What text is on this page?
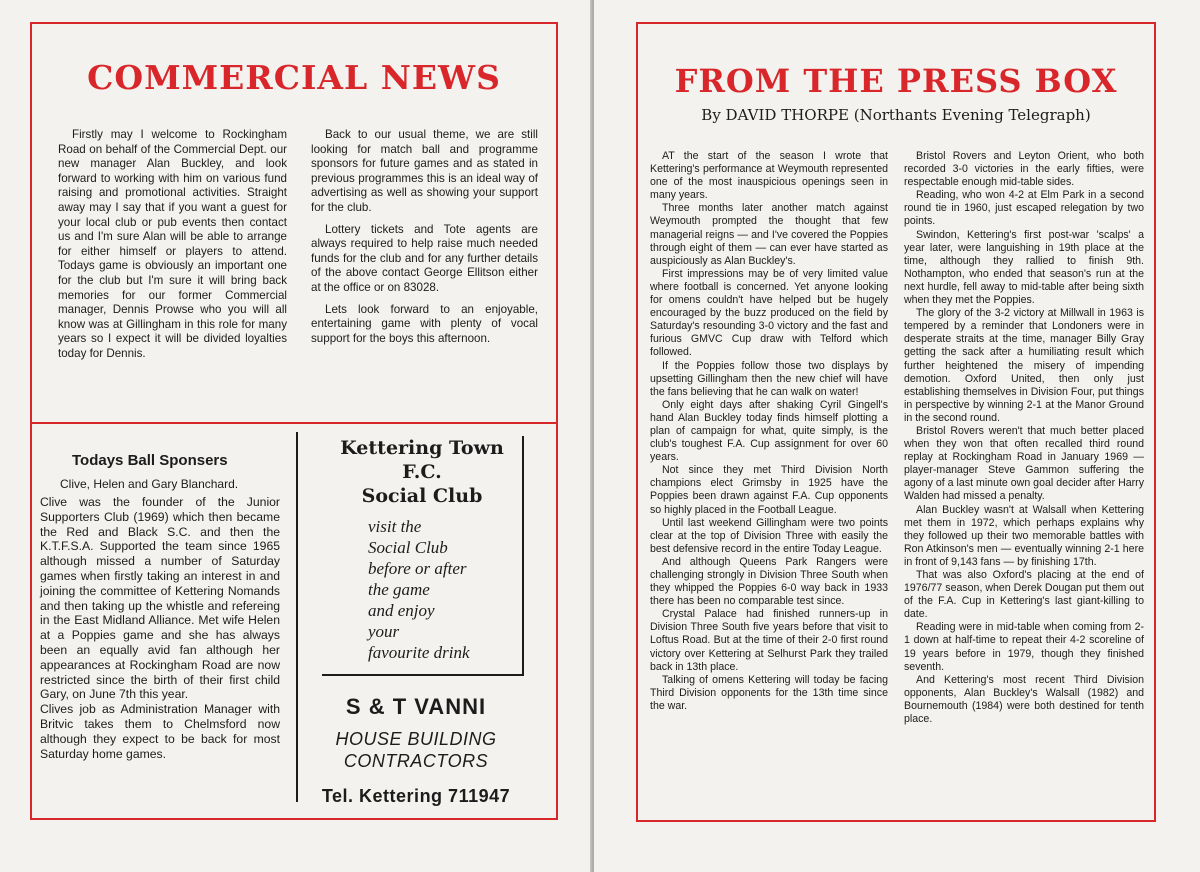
COMMERCIAL NEWS

Firstly may I welcome to Rockingham Road on behalf of the Commercial Dept. our new manager Alan Buckley, and look forward to working with him on various fund raising and promotional activities. Straight away may I say that if you want a guest for your local club or pub events then contact us and I'm sure Alan will be able to arrange for either himself or players to attend. Todays game is obviously an important one for the club but I'm sure it will bring back memories for our former Commercial manager, Dennis Prowse who you will all know was at Gillingham in this role for many years so I expect it will be divided loyalties today for Dennis.

Back to our usual theme, we are still looking for match ball and programme sponsors for future games and as stated in previous programmes this is an ideal way of advertising as well as showing your support for the club.

Lottery tickets and Tote agents are always required to help raise much needed funds for the club and for any further details of the above contact George Ellitson either at the office or on 83028.

Lets look forward to an enjoyable, entertaining game with plenty of vocal support for the boys this afternoon.

Todays Ball Sponsers

Clive, Helen and Gary Blanchard.

Clive was the founder of the Junior Supporters Club (1969) which then became the Red and Black S.C. and then the K.T.F.S.A. Supported the team since 1965 although missed a number of Saturday games when firstly taking an interest in and joining the committee of Kettering Nomands and then taking up the whistle and refereing in the East Midland Alliance. Met wife Helen at a Poppies game and she has always been an equally avid fan although her appearances at Rockingham Road are now restricted since the birth of their first child Gary, on June 7th this year.

Clives job as Administration Manager with Britvic takes them to Chelmsford now although they expect to be back for most Saturday home games.

Kettering Town F.C.
Social Club
visit the
Social Club
before or after
the game
and enjoy
your
favourite drink
S & T VANNI
HOUSE BUILDING
CONTRACTORS
Tel. Kettering 711947
FROM THE PRESS BOX
By DAVID THORPE (Northants Evening Telegraph)

AT the start of the season I wrote that Kettering's performance at Weymouth represented one of the most inauspicious openings seen in many years.

Three months later another match against Weymouth prompted the thought that few managerial reigns — and I've covered the Poppies through eight of them — can ever have started as auspiciously as Alan Buckley's.

First impressions may be of very limited value where football is concerned. Yet anyone looking for omens couldn't have helped but be hugely encouraged by the buzz produced on the field by Saturday's resounding 3-0 victory and the fast and furious GMVC Cup draw with Telford which followed.

If the Poppies follow those two displays by upsetting Gillingham then the new chief will have the fans believing that he can walk on water!

Only eight days after shaking Cyril Gingell's hand Alan Buckley today finds himself plotting a plan of campaign for what, quite simply, is the club's toughest F.A. Cup assignment for over 60 years.

Not since they met Third Division North champions elect Grimsby in 1925 have the Poppies been drawn against F.A. Cup opponents so highly placed in the Football League.

Until last weekend Gillingham were two points clear at the top of Division Three with easily the best defensive record in the entire Today League.

And although Queens Park Rangers were challenging strongly in Division Three South when they whipped the Poppies 6-0 way back in 1933 there has been no comparable test since.

Crystal Palace had finished runners-up in Division Three South five years before that visit to Loftus Road. But at the time of their 2-0 first round victory over Kettering at Selhurst Park they trailed back in 13th place.

Talking of omens Kettering will today be facing Third Division opponents for the 13th time since the war.

Bristol Rovers and Leyton Orient, who both recorded 3-0 victories in the early fifties, were respectable enough mid-table sides.

Reading, who won 4-2 at Elm Park in a second round tie in 1960, just escaped relegation by two points.

Swindon, Kettering's first post-war 'scalps' a year later, were languishing in 19th place at the time, although they rallied to finish 9th. Nothampton, who ended that season's run at the next hurdle, fell away to mid-table after being sixth when they met the Poppies.

The glory of the 3-2 victory at Millwall in 1963 is tempered by a reminder that Londoners were in desperate straits at the time, manager Billy Gray getting the sack after a humiliating result which further heightened the misery of impending demotion. Oxford United, then only just establishing themselves in Division Four, put things in perspective by winning 2-1 at the Manor Ground in the second round.

Bristol Rovers weren't that much better placed when they won that often recalled third round replay at Rockingham Road in January 1969 — player-manager Steve Gammon suffering the agony of a last minute own goal decider after Harry Walden had missed a penalty.

Alan Buckley wasn't at Walsall when Kettering met them in 1972, which perhaps explains why they followed up their two memorable battles with Ron Atkinson's men — eventually winning 2-1 here in front of 9,143 fans — by finishing 17th.

That was also Oxford's placing at the end of 1976/77 season, when Derek Dougan put them out of the F.A. Cup in Kettering's last giant-killing to date.

Reading were in mid-table when coming from 2-1 down at half-time to repeat their 4-2 scoreline of 19 years before in 1979, though they finished seventh.

And Kettering's most recent Third Division opponents, Alan Buckley's Walsall (1982) and Bournemouth (1984) were both destined for tenth place.
